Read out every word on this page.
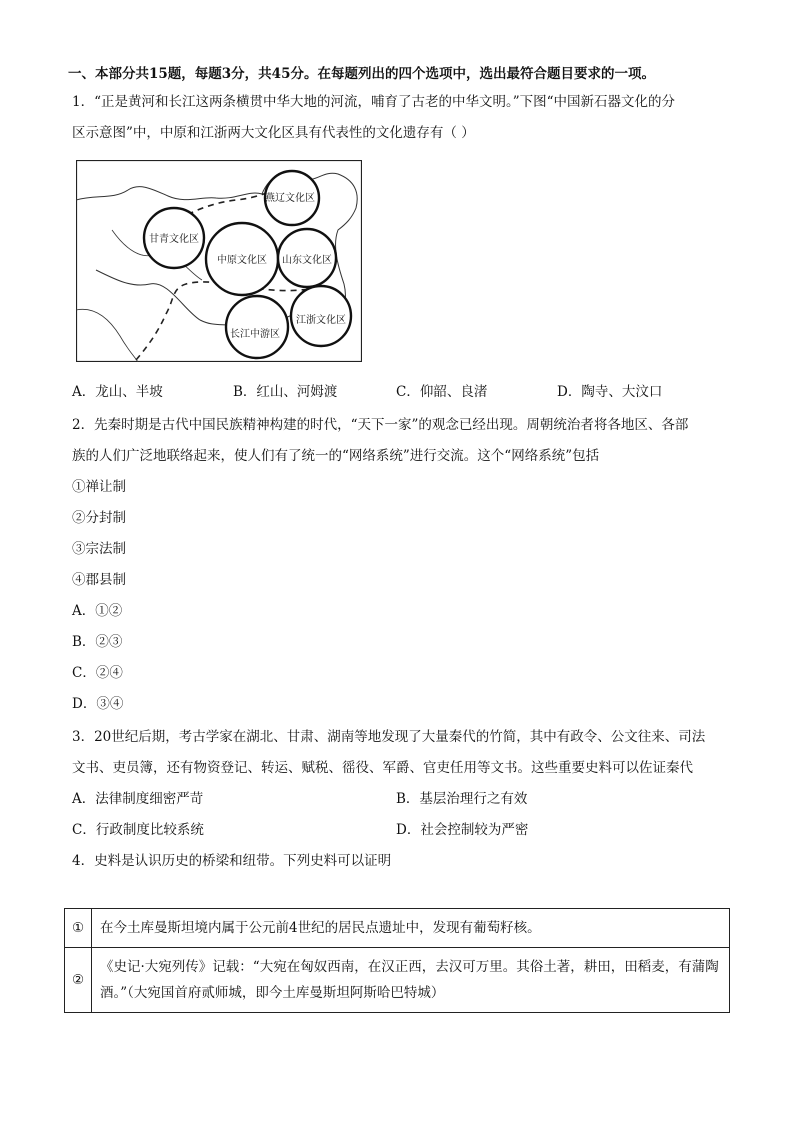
一、本部分共15题，每题3分，共45分。在每题列出的四个选项中，选出最符合题目要求的一项。
1．“正是黄河和长江这两条横贯中华大地的河流，哺育了古老的中华文明。”下图“中国新石器文化的分
区示意图”中，中原和江浙两大文化区具有代表性的文化遗存有（ ）
燕辽文化区
甘青文化区
中原文化区 山东文化区
江浙文化区
长江中游区
A．龙山、半坡	B．红山、河姆渡	C．仰韶、良渚	D．陶寺、大汶口
2．先秦时期是古代中国民族精神构建的时代，“天下一家”的观念已经出现。周朝统治者将各地区、各部
族的人们广泛地联络起来，使人们有了统一的“网络系统”进行交流。这个“网络系统”包括
①禅让制
②分封制
③宗法制
④郡县制
A．①②
B．②③
C．②④
D．③④
3．20世纪后期，考古学家在湖北、甘肃、湖南等地发现了大量秦代的竹简，其中有政令、公文往来、司法
文书、吏员簿，还有物资登记、转运、赋税、徭役、军爵、官吏任用等文书。这些重要史料可以佐证秦代
A．法律制度细密严苛	B．基层治理行之有效
C．行政制度比较系统	D．社会控制较为严密
4．史料是认识历史的桥梁和纽带。下列史料可以证明
①	在今土库曼斯坦境内属于公元前4世纪的居民点遗址中，发现有葡萄籽核。
②	《史记·大宛列传》记载：“大宛在匈奴西南，在汉正西，去汉可万里。其俗土著，耕田，田稻麦，有蒲陶酒。”（大宛国首府贰师城，即今土库曼斯坦阿斯哈巴特城）
